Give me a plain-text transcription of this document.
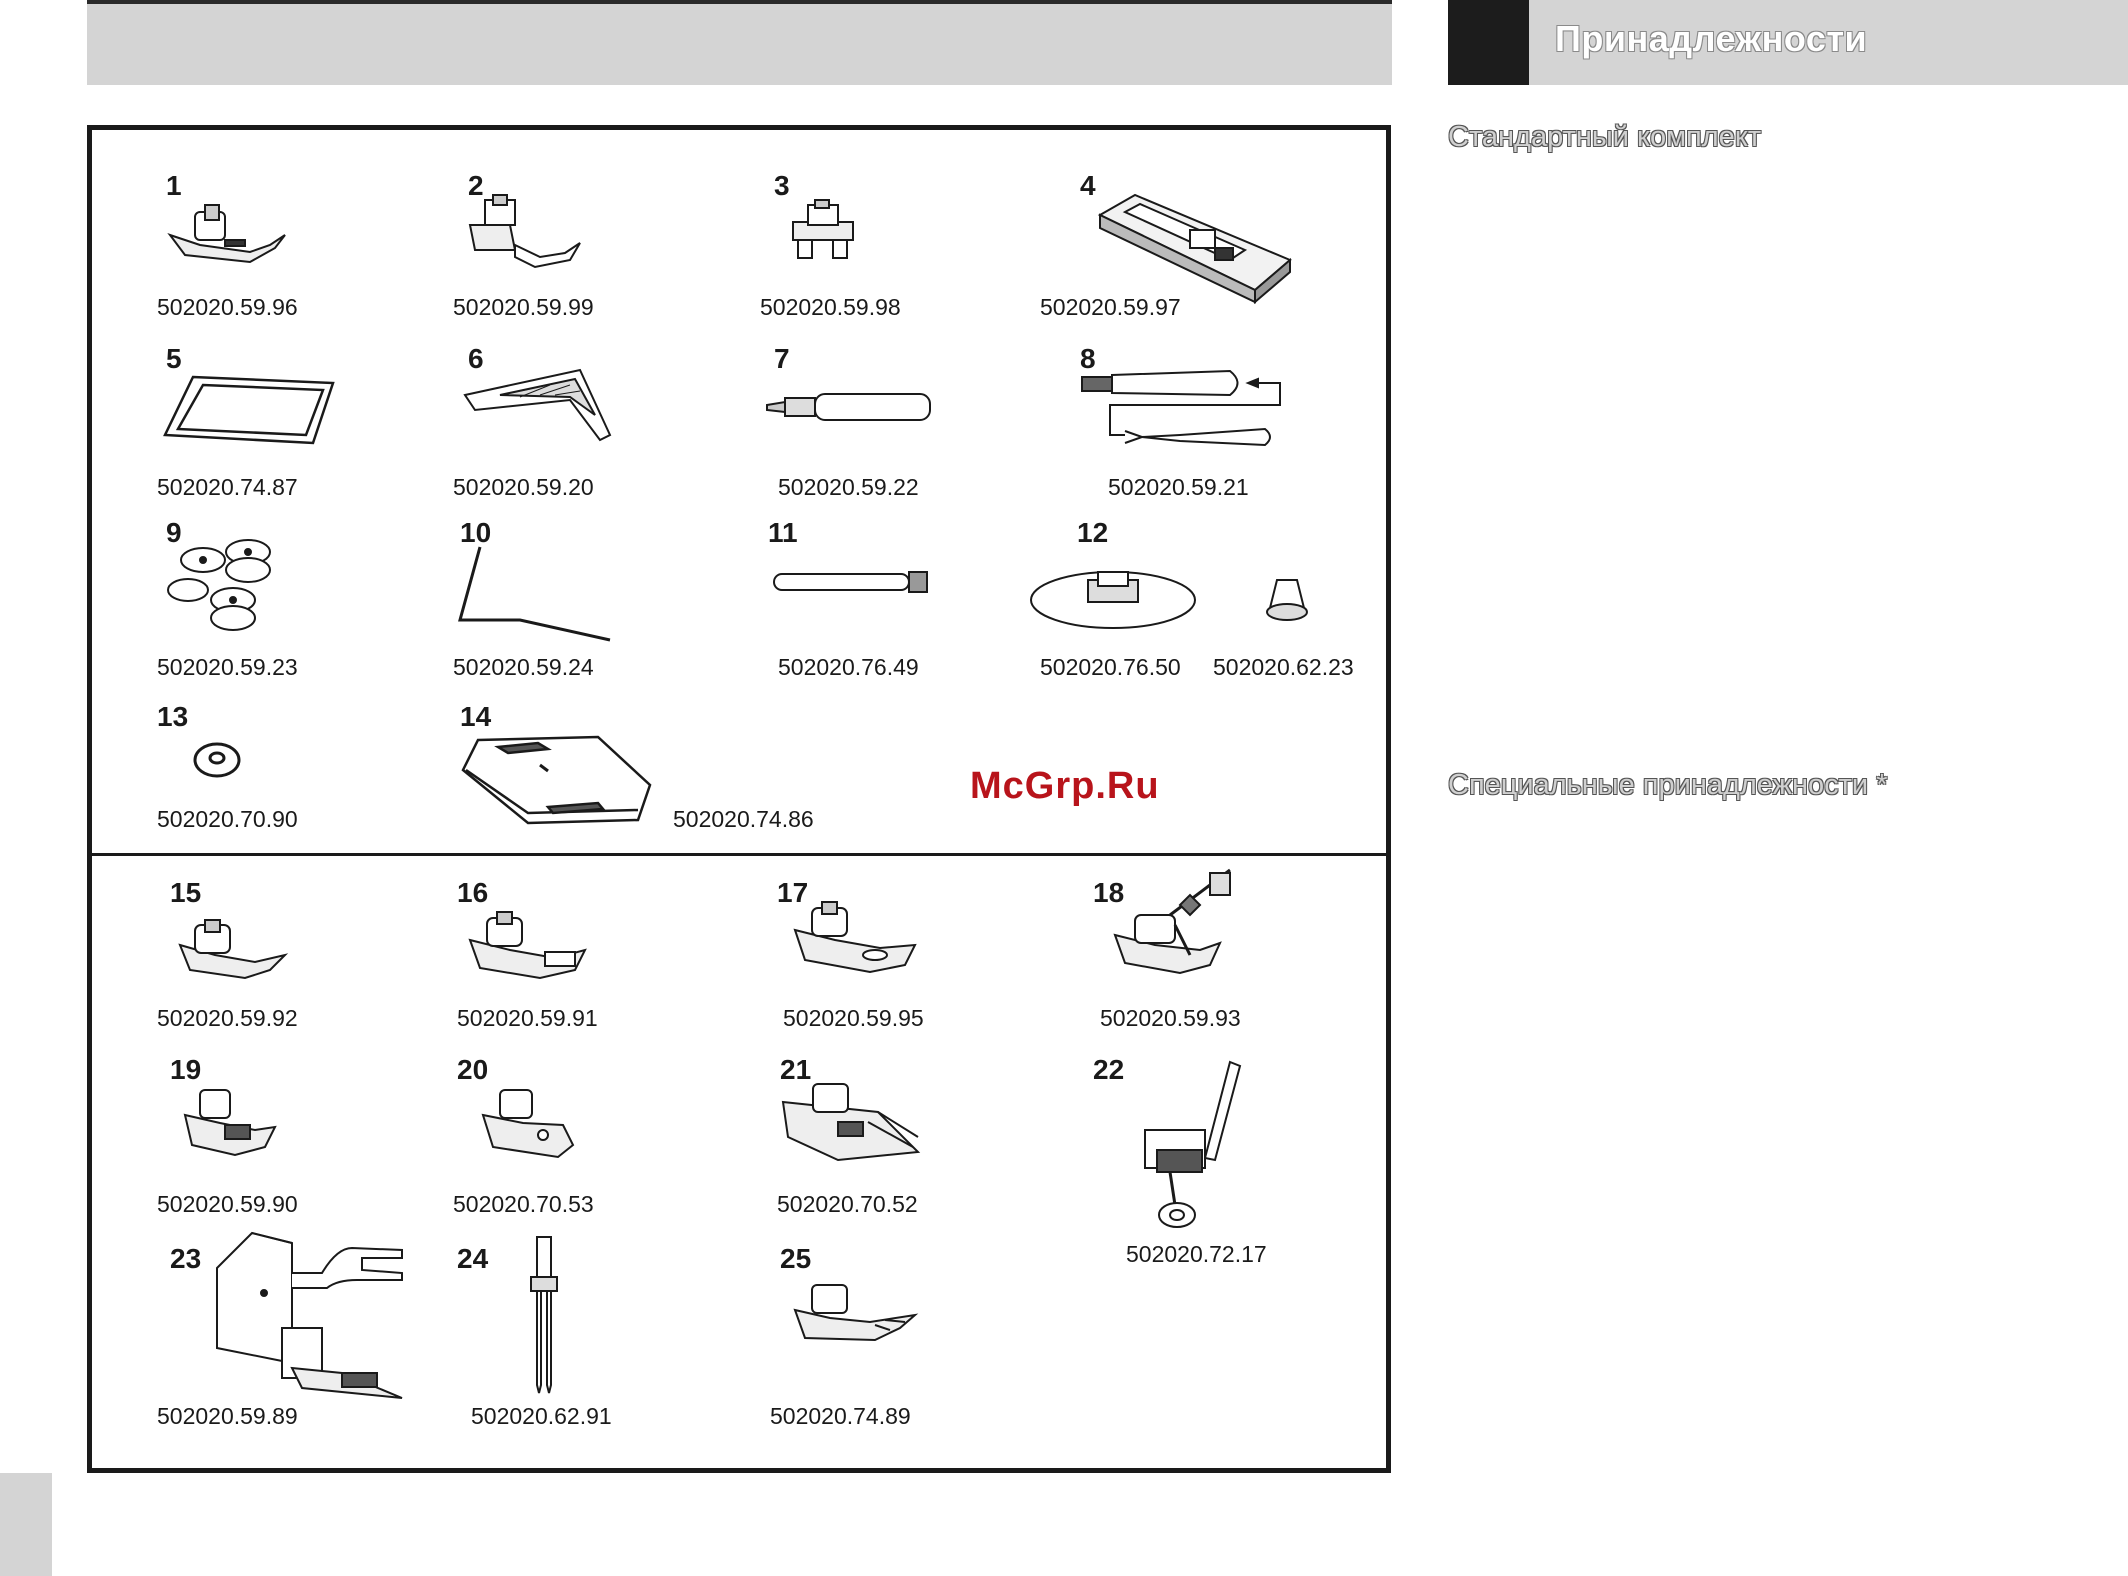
Принадлежности
Стандартный комплект
Специальные принадлежности *
1
502020.59.96
2
502020.59.99
3
502020.59.98
4
502020.59.97
5
502020.74.87
6
502020.59.20
7
502020.59.22
8
502020.59.21
9
502020.59.23
10
502020.59.24
11
502020.76.49
12
502020.76.50 502020.62.23
13
502020.70.90
14
502020.74.86
McGrp.Ru
15
502020.59.92
16
502020.59.91
17
502020.59.95
18
502020.59.93
19
502020.59.90
20
502020.70.53
21
502020.70.52
22
502020.72.17
23
502020.59.89
24
502020.62.91
25
502020.74.89
